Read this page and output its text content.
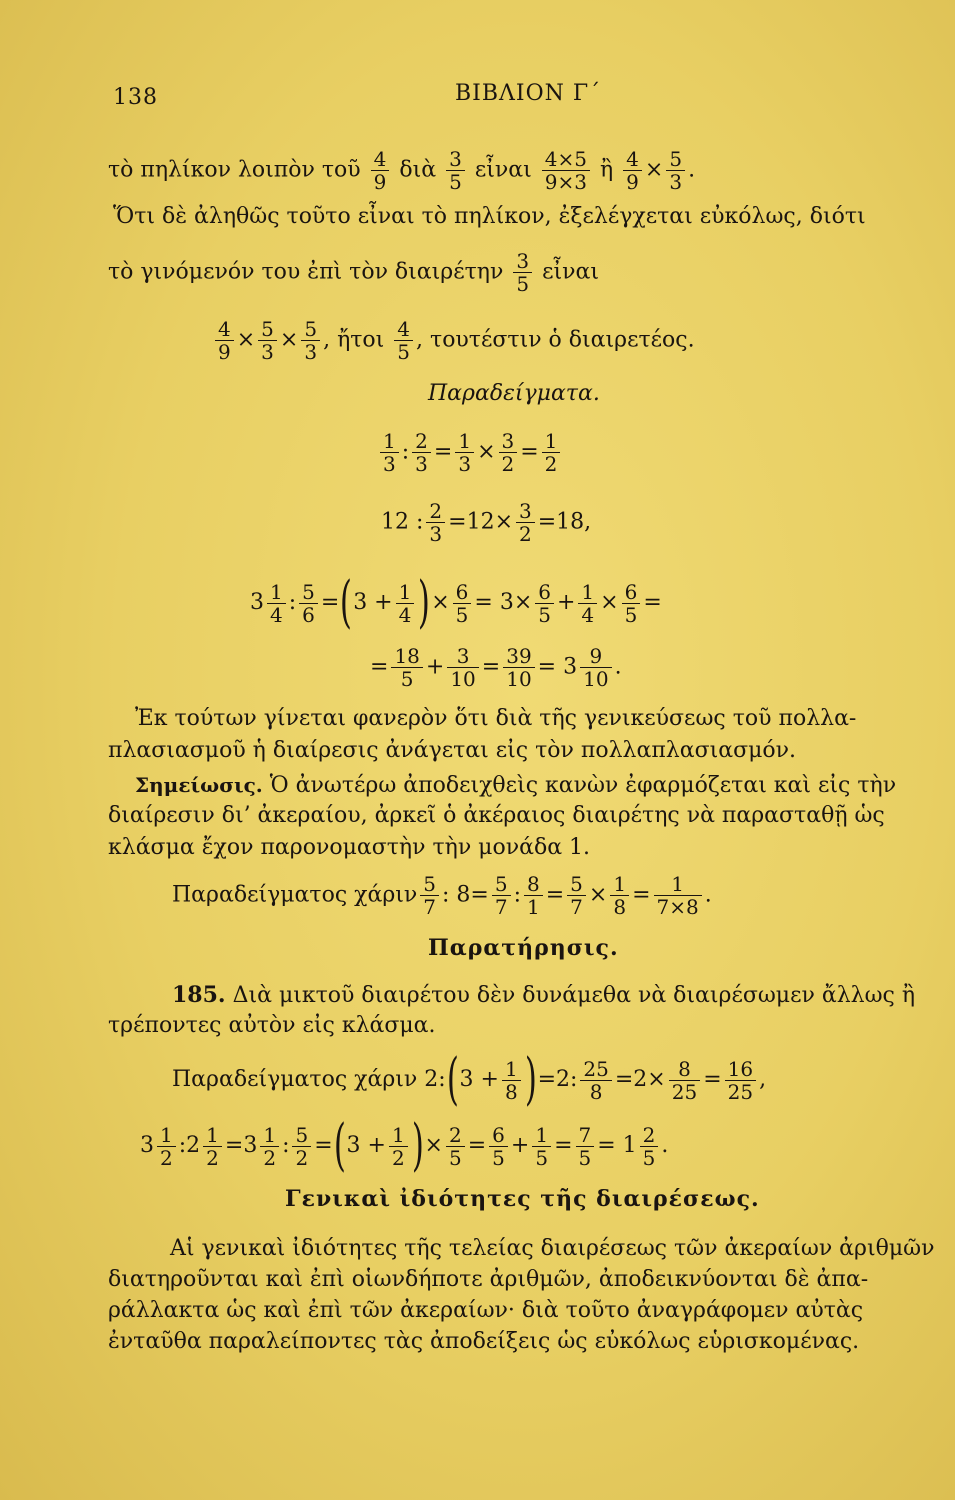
138	ΒΙΒΛΙΟΝ Γ΄
τὸ πηλίκον λοιπὸν τοῦ $\frac{4}{9}$ διὰ $\frac{3}{5}$ εἶναι $\frac{4\times 5}{9\times 3}$ ἢ $\frac{4}{9} \times \frac{5}{3}$ .
Ὅτι δὲ ἀληθῶς τοῦτο εἶναι τὸ πηλίκον, ἐξελέγχεται εὐκόλως, διότι
τὸ γινόμενόν του ἐπὶ τὸν διαιρέτην $\frac{3}{5}$ εἶναι
$\frac{4}{9} \times \frac{5}{3} \times \frac{5}{3}$ , ἤτοι $\frac{4}{5}$ , τουτέστιν ὁ διαιρετέος.
Παραδείγματα.
$\frac{1}{3}$ : $\frac{2}{3} = \frac{1}{3} \times \frac{3}{2} = \frac{1}{2}$
12 : $\frac{2}{3} =12\times \frac{3}{2} =18$,
$3 \frac{1}{4}$ : $\frac{5}{6} =(3 + \frac{1}{4}$ )× $\frac{6}{5} = 3\times \frac{6}{5} + \frac{1}{4} \times \frac{6}{5}$ =
= $\frac{18}{5} + \frac{3}{10} = \frac{39}{10} = 3 \frac{9}{10}$ .
Ἐκ τούτων γίνεται φανερὸν ὅτι διὰ τῆς γενικεύσεως τοῦ πολλα-
πλασιασμοῦ ἡ διαίρεσις ἀνάγεται εἰς τὸν πολλαπλασιασμόν.
Σημείωσις. Ὁ ἀνωτέρω ἀποδειχθεὶς κανὼν ἐφαρμόζεται καὶ εἰς τὴν
διαίρεσιν δι’ ἀκεραίου, ἀρκεῖ ὁ ἀκέραιος διαιρέτης νὰ παρασταθῇ ὡς
κλάσμα ἔχον παρονομαστὴν τὴν μονάδα 1.
Παραδείγματος χάριν $\frac{5}{7}$ : $8= \frac{5}{7}$ : $\frac{8}{1} = \frac{5}{7} \times \frac{1}{8} = \frac{1}{7\times 8}$ .
Παρατήρησις.
185. Διὰ μικτοῦ διαιρέτου δὲν δυνάμεθα νὰ διαιρέσωμεν ἄλλως ἢ
τρέποντες αὐτὸν εἰς κλάσμα.
Παραδείγματος χάριν 2:(3 + $\frac{1}{8} )=2$: $\frac{25}{8} =2\times \frac{8}{25} = \frac{16}{25}$ ,
$3 \frac{1}{2}$ :2 $\frac{1}{2} =3 \frac{1}{2}$ : $\frac{5}{2} =(3 + \frac{1}{2}$ )× $\frac{2}{5} = \frac{6}{5} + \frac{1}{5} = \frac{7}{5} = 1 \frac{2}{5}$ .
Γενικαὶ ἰδιότητες τῆς διαιρέσεως.
Αἱ γενικαὶ ἰδιότητες τῆς τελείας διαιρέσεως τῶν ἀκεραίων ἀριθμῶν
διατηροῦνται καὶ ἐπὶ οἱωνδήποτε ἀριθμῶν, ἀποδεικνύονται δὲ ἀπα-
ράλλακτα ὡς καὶ ἐπὶ τῶν ἀκεραίων· διὰ τοῦτο ἀναγράφομεν αὐτὰς
ἐνταῦθα παραλείποντες τὰς ἀποδείξεις ὡς εὐκόλως εὑρισκομένας.
